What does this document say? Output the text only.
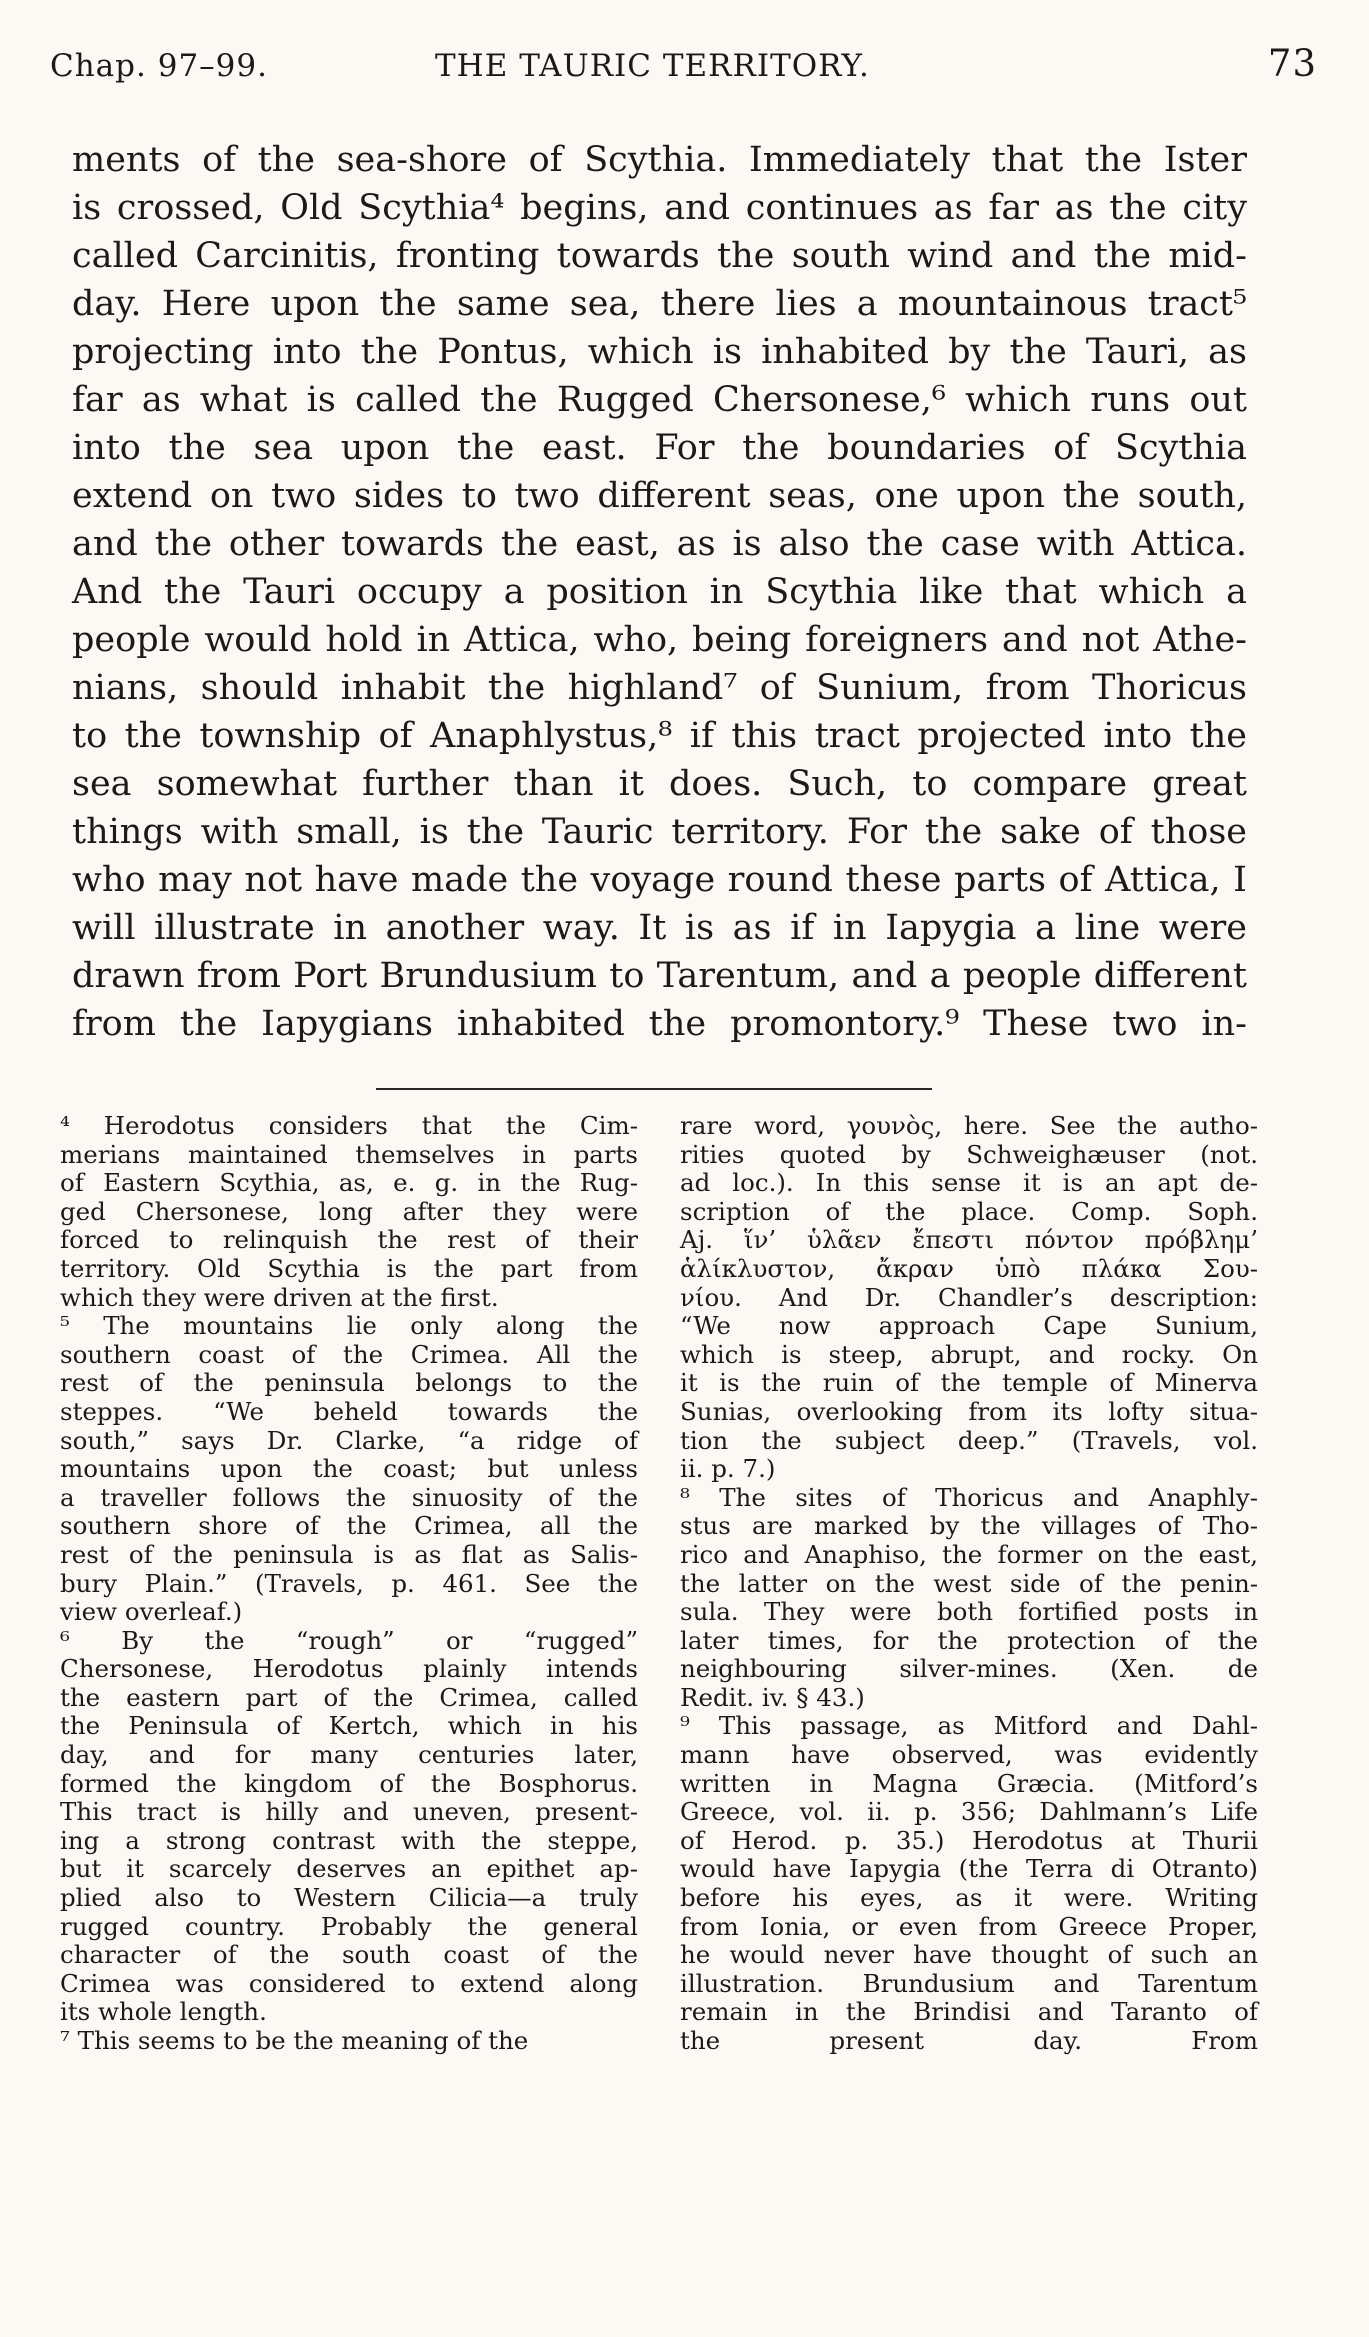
Chap. 97–99.	THE TAURIC TERRITORY.	73
ments of the sea-shore of Scythia. Immediately that the Ister
is crossed, Old Scythia⁴ begins, and continues as far as the city
called Carcinitis, fronting towards the south wind and the mid-
day. Here upon the same sea, there lies a mountainous tract⁵
projecting into the Pontus, which is inhabited by the Tauri, as
far as what is called the Rugged Chersonese,⁶ which runs out
into the sea upon the east. For the boundaries of Scythia
extend on two sides to two different seas, one upon the south,
and the other towards the east, as is also the case with Attica.
And the Tauri occupy a position in Scythia like that which a
people would hold in Attica, who, being foreigners and not Athe-
nians, should inhabit the highland⁷ of Sunium, from Thoricus
to the township of Anaphlystus,⁸ if this tract projected into the
sea somewhat further than it does. Such, to compare great
things with small, is the Tauric territory. For the sake of those
who may not have made the voyage round these parts of Attica, I
will illustrate in another way. It is as if in Iapygia a line were
drawn from Port Brundusium to Tarentum, and a people different
from the Iapygians inhabited the promontory.⁹ These two in-
⁴ Herodotus considers that the Cim-
merians maintained themselves in parts
of Eastern Scythia, as, e. g. in the Rug-
ged Chersonese, long after they were
forced to relinquish the rest of their
territory. Old Scythia is the part from
which they were driven at the first.
⁵ The mountains lie only along the
southern coast of the Crimea. All the
rest of the peninsula belongs to the
steppes. “We beheld towards the
south,” says Dr. Clarke, “a ridge of
mountains upon the coast; but unless
a traveller follows the sinuosity of the
southern shore of the Crimea, all the
rest of the peninsula is as flat as Salis-
bury Plain.” (Travels, p. 461. See the
view overleaf.)
⁶ By the “rough” or “rugged”
Chersonese, Herodotus plainly intends
the eastern part of the Crimea, called
the Peninsula of Kertch, which in his
day, and for many centuries later,
formed the kingdom of the Bosphorus.
This tract is hilly and uneven, present-
ing a strong contrast with the steppe,
but it scarcely deserves an epithet ap-
plied also to Western Cilicia—a truly
rugged country. Probably the general
character of the south coast of the
Crimea was considered to extend along
its whole length.
⁷ This seems to be the meaning of the
rare word, γουνὸς, here. See the autho-
rities quoted by Schweighæuser (not.
ad loc.). In this sense it is an apt de-
scription of the place. Comp. Soph.
Aj. ἵν’ ὑλᾶεν ἔπεστι πόντον πρόβλημ’
ἁλίκλυστον, ἄκραν ὑπὸ πλάκα Σου-
νίου. And Dr. Chandler’s description:
“We now approach Cape Sunium,
which is steep, abrupt, and rocky. On
it is the ruin of the temple of Minerva
Sunias, overlooking from its lofty situa-
tion the subject deep.” (Travels, vol.
ii. p. 7.)
⁸ The sites of Thoricus and Anaphly-
stus are marked by the villages of Tho-
rico and Anaphiso, the former on the east,
the latter on the west side of the penin-
sula. They were both fortified posts in
later times, for the protection of the
neighbouring silver-mines. (Xen. de
Redit. iv. § 43.)
⁹ This passage, as Mitford and Dahl-
mann have observed, was evidently
written in Magna Græcia. (Mitford’s
Greece, vol. ii. p. 356; Dahlmann’s Life
of Herod. p. 35.) Herodotus at Thurii
would have Iapygia (the Terra di Otranto)
before his eyes, as it were. Writing
from Ionia, or even from Greece Proper,
he would never have thought of such an
illustration. Brundusium and Tarentum
remain in the Brindisi and Taranto of
the present day. From
